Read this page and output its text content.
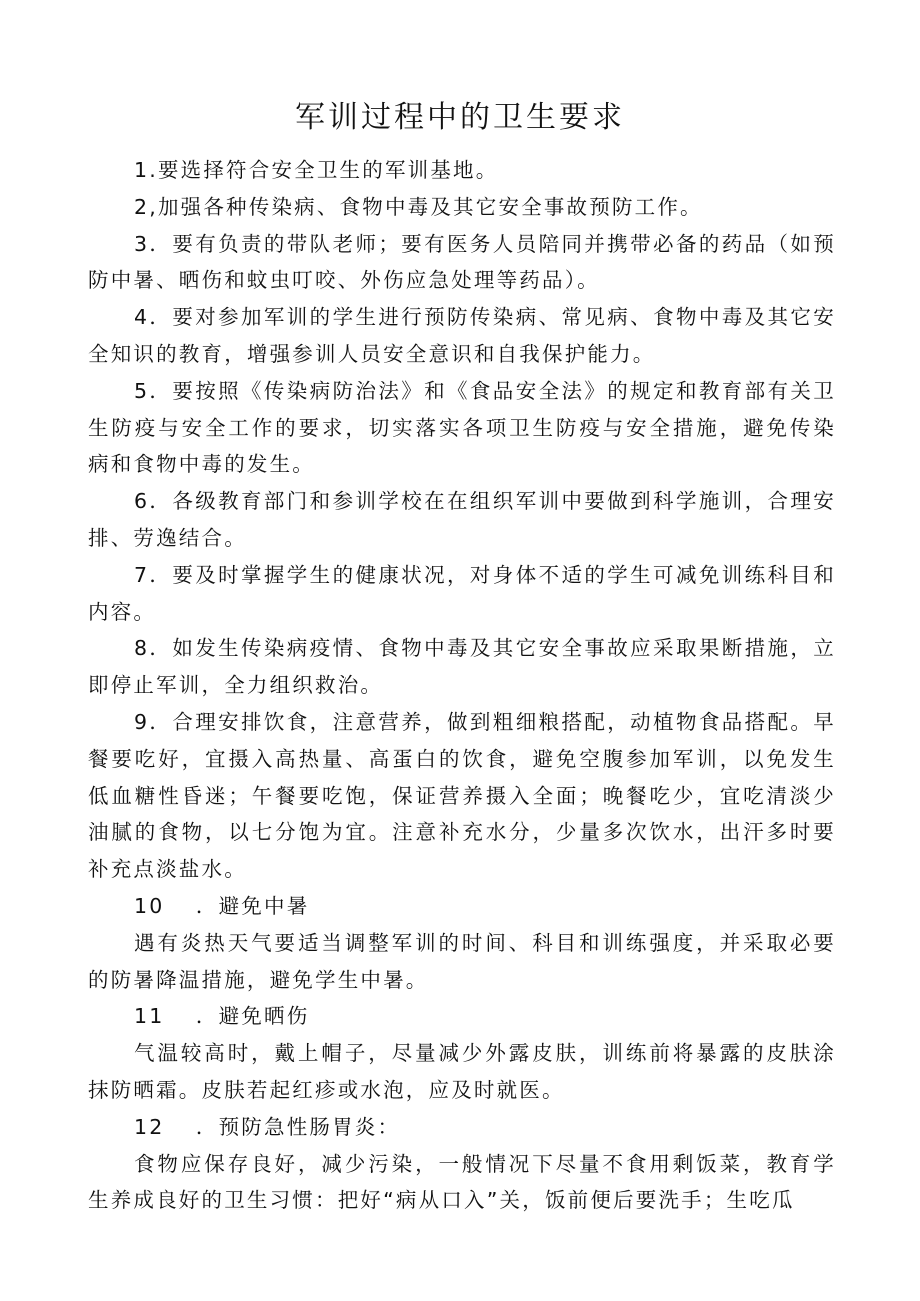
军训过程中的卫生要求

1.要选择符合安全卫生的军训基地。

2,加强各种传染病、食物中毒及其它安全事故预防工作。

3．要有负责的带队老师；要有医务人员陪同并携带必备的药品（如预防中暑、晒伤和蚊虫叮咬、外伤应急处理等药品）。

4．要对参加军训的学生进行预防传染病、常见病、食物中毒及其它安全知识的教育，增强参训人员安全意识和自我保护能力。

5．要按照《传染病防治法》和《食品安全法》的规定和教育部有关卫生防疫与安全工作的要求，切实落实各项卫生防疫与安全措施，避免传染病和食物中毒的发生。

6．各级教育部门和参训学校在在组织军训中要做到科学施训，合理安排、劳逸结合。

7．要及时掌握学生的健康状况，对身体不适的学生可减免训练科目和内容。

8．如发生传染病疫情、食物中毒及其它安全事故应采取果断措施，立即停止军训，全力组织救治。

9．合理安排饮食，注意营养，做到粗细粮搭配，动植物食品搭配。早餐要吃好，宜摄入高热量、高蛋白的饮食，避免空腹参加军训，以免发生低血糖性昏迷；午餐要吃饱，保证营养摄入全面；晚餐吃少，宜吃清淡少油腻的食物，以七分饱为宜。注意补充水分，少量多次饮水，出汗多时要补充点淡盐水。

10　 ．避免中暑

遇有炎热天气要适当调整军训的时间、科目和训练强度，并采取必要的防暑降温措施，避免学生中暑。

11　 ．避免晒伤

气温较高时，戴上帽子，尽量减少外露皮肤，训练前将暴露的皮肤涂抹防晒霜。皮肤若起红疹或水泡，应及时就医。

12　 ．预防急性肠胃炎：

食物应保存良好，减少污染，一般情况下尽量不食用剩饭菜，教育学生养成良好的卫生习惯：把好“病从口入”关，饭前便后要洗手；生吃瓜
